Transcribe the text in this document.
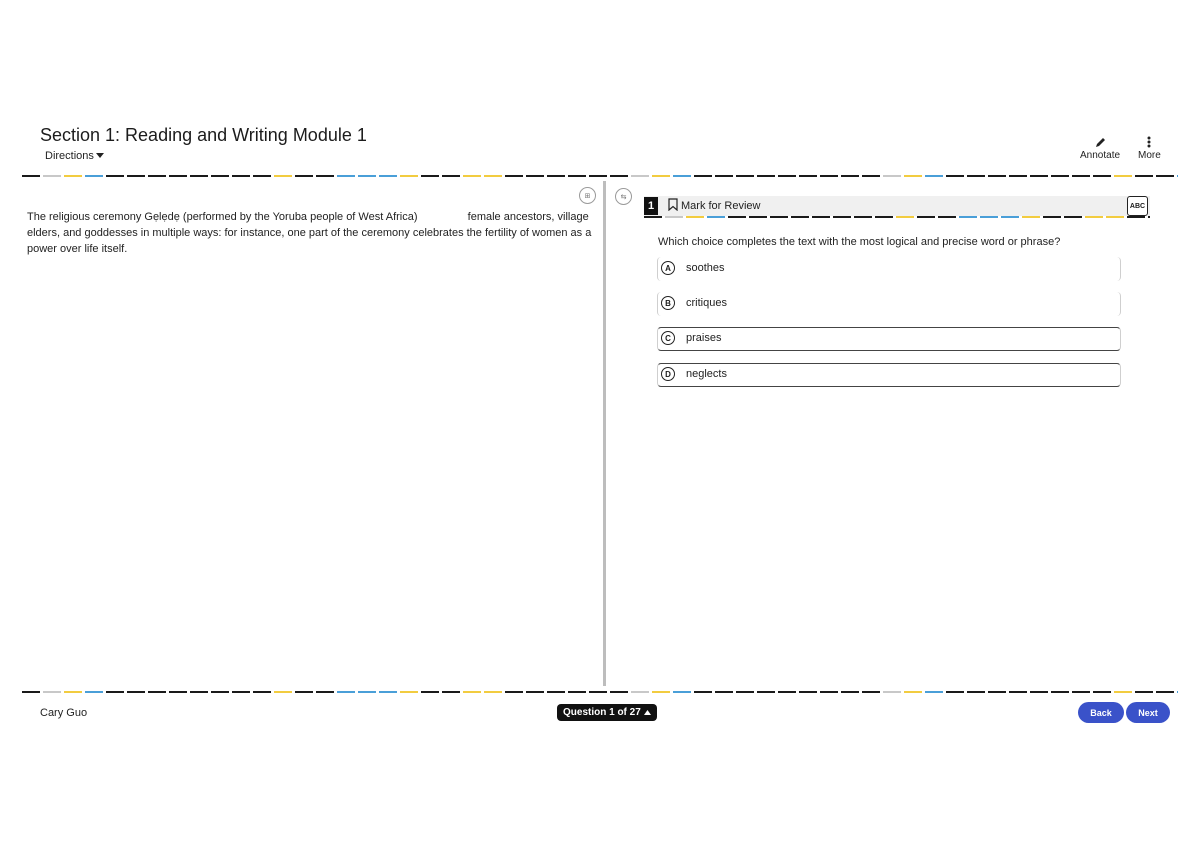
Section 1: Reading and Writing Module 1
Directions	Annotate More
⊞
The religious ceremony Gẹlẹdẹ (performed by the Yoruba people of West Africa)	female ancestors, village elders, and goddesses in multiple ways: for instance, one part of the ceremony celebrates the fertility of women as a power over life itself.
⇆
1	Mark for Review	ABC
Which choice completes the text with the most logical and precise word or phrase?
A	soothes
B	critiques
C	praises
D	neglects
Cary Guo	Question 1 of 27	Back	Next
